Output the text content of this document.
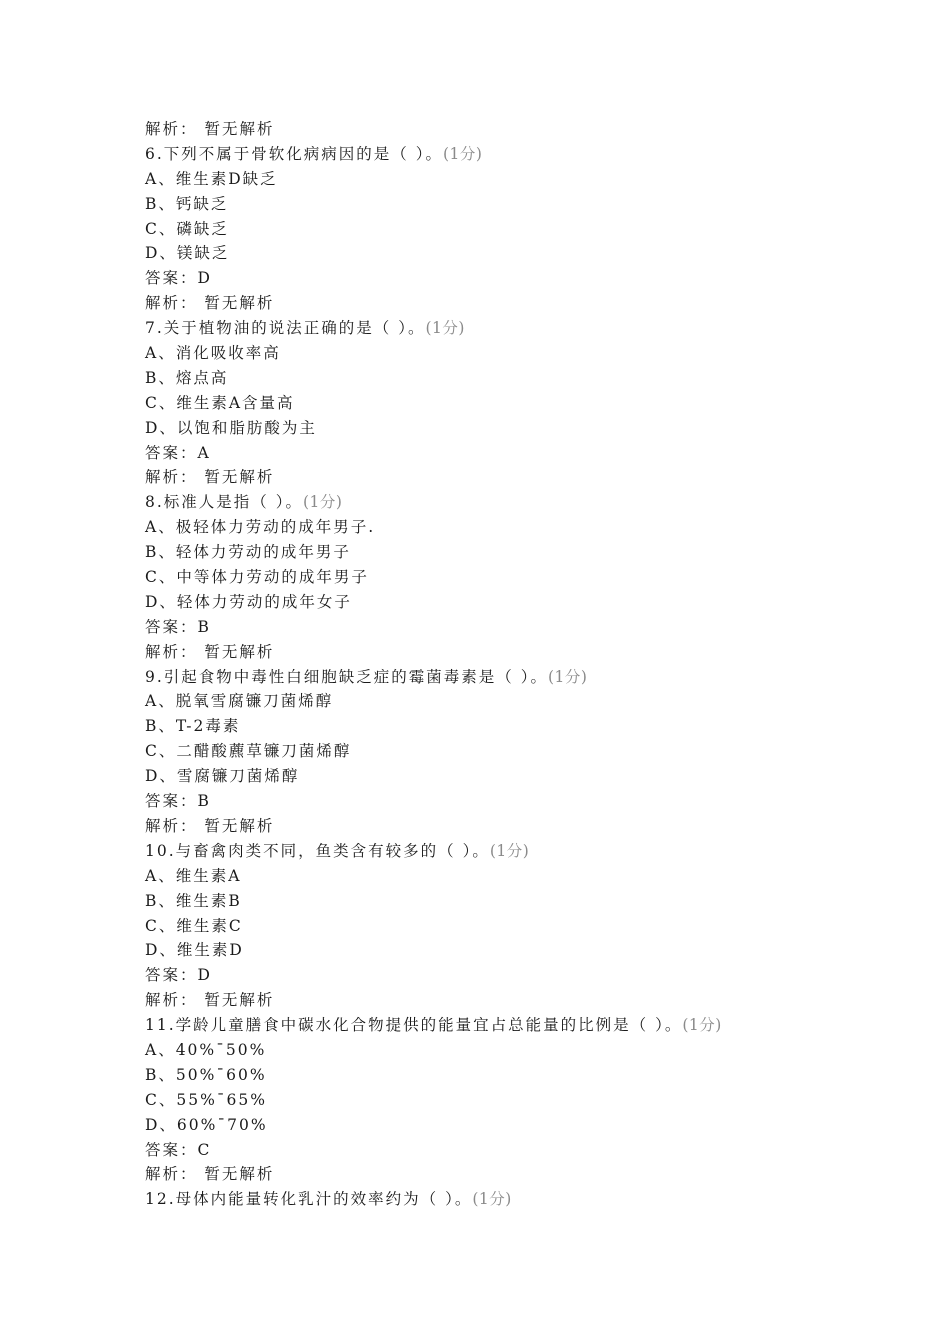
解析： 暂无解析
6.下列不属于骨软化病病因的是（ ）。(1分)
A、维生素D缺乏
B、钙缺乏
C、磷缺乏
D、镁缺乏
答案：D
解析： 暂无解析
7.关于植物油的说法正确的是（ ）。(1分)
A、消化吸收率高
B、熔点高
C、维生素A含量高
D、以饱和脂肪酸为主
答案：A
解析： 暂无解析
8.标准人是指（ ）。(1分)
A、极轻体力劳动的成年男子.
B、轻体力劳动的成年男子
C、中等体力劳动的成年男子
D、轻体力劳动的成年女子
答案：B
解析： 暂无解析
9.引起食物中毒性白细胞缺乏症的霉菌毒素是（ ）。(1分)
A、脱氧雪腐镰刀菌烯醇
B、T-2毒素
C、二醋酸藨草镰刀菌烯醇
D、雪腐镰刀菌烯醇
答案：B
解析： 暂无解析
10.与畜禽肉类不同，鱼类含有较多的（ ）。(1分)
A、维生素A
B、维生素B
C、维生素C
D、维生素D
答案：D
解析： 暂无解析
11.学龄儿童膳食中碳水化合物提供的能量宜占总能量的比例是（ ）。(1分)
A、40%¯50%
B、50%¯60%
C、55%¯65%
D、60%¯70%
答案：C
解析： 暂无解析
12.母体内能量转化乳汁的效率约为（ ）。(1分)
